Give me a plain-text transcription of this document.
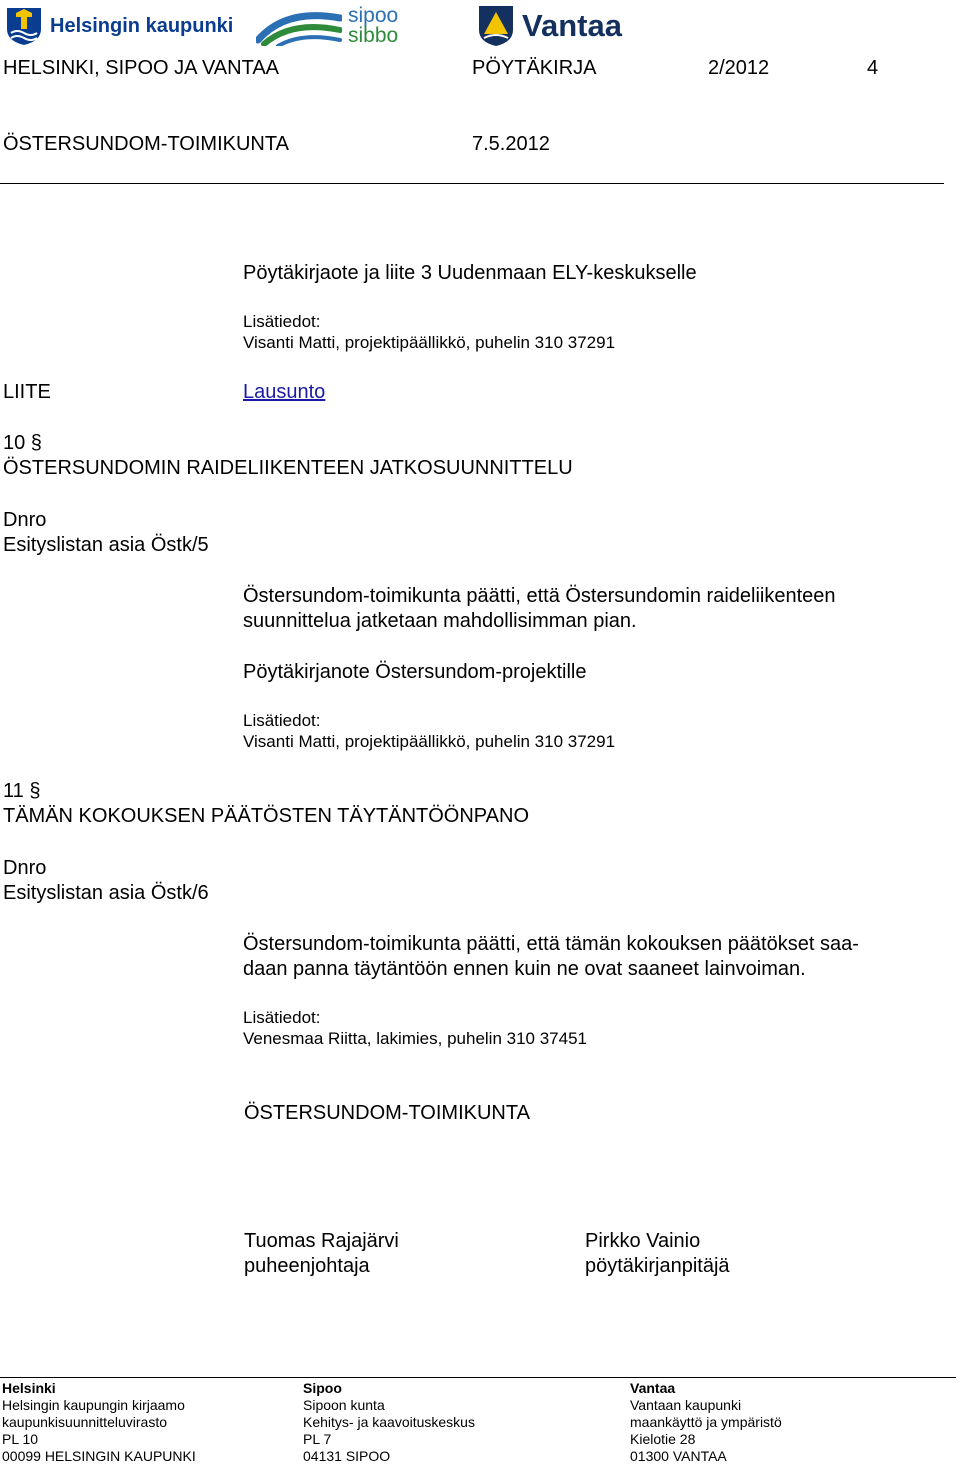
Helsingin kaupunki	sipoo
sibbo	Vantaa
HELSINKI, SIPOO JA VANTAA	PÖYTÄKIRJA	2/2012	4
ÖSTERSUNDOM-TOIMIKUNTA	7.5.2012
Pöytäkirjaote ja liite 3 Uudenmaan ELY-keskukselle
Lisätiedot:
Visanti Matti, projektipäällikkö, puhelin 310 37291
LIITE	Lausunto
10 §
ÖSTERSUNDOMIN RAIDELIIKENTEEN JATKOSUUNNITTELU
Dnro
Esityslistan asia Östk/5
Östersundom-toimikunta päätti, että Östersundomin raideliikenteen
suunnittelua jatketaan mahdollisimman pian.
Pöytäkirjanote Östersundom-projektille
Lisätiedot:
Visanti Matti, projektipäällikkö, puhelin 310 37291
11 §
TÄMÄN KOKOUKSEN PÄÄTÖSTEN TÄYTÄNTÖÖNPANO
Dnro
Esityslistan asia Östk/6
Östersundom-toimikunta päätti, että tämän kokouksen päätökset saa-
daan panna täytäntöön ennen kuin ne ovat saaneet lainvoiman.
Lisätiedot:
Venesmaa Riitta, lakimies, puhelin 310 37451
ÖSTERSUNDOM-TOIMIKUNTA
Tuomas Rajajärvi
puheenjohtaja
Pirkko Vainio
pöytäkirjanpitäjä
Helsinki
Helsingin kaupungin kirjaamo
kaupunkisuunnitteluvirasto
PL 10
00099 HELSINGIN KAUPUNKI
Sipoo
Sipoon kunta
Kehitys- ja kaavoituskeskus
PL 7
04131 SIPOO
Vantaa
Vantaan kaupunki
maankäyttö ja ympäristö
Kielotie 28
01300 VANTAA
